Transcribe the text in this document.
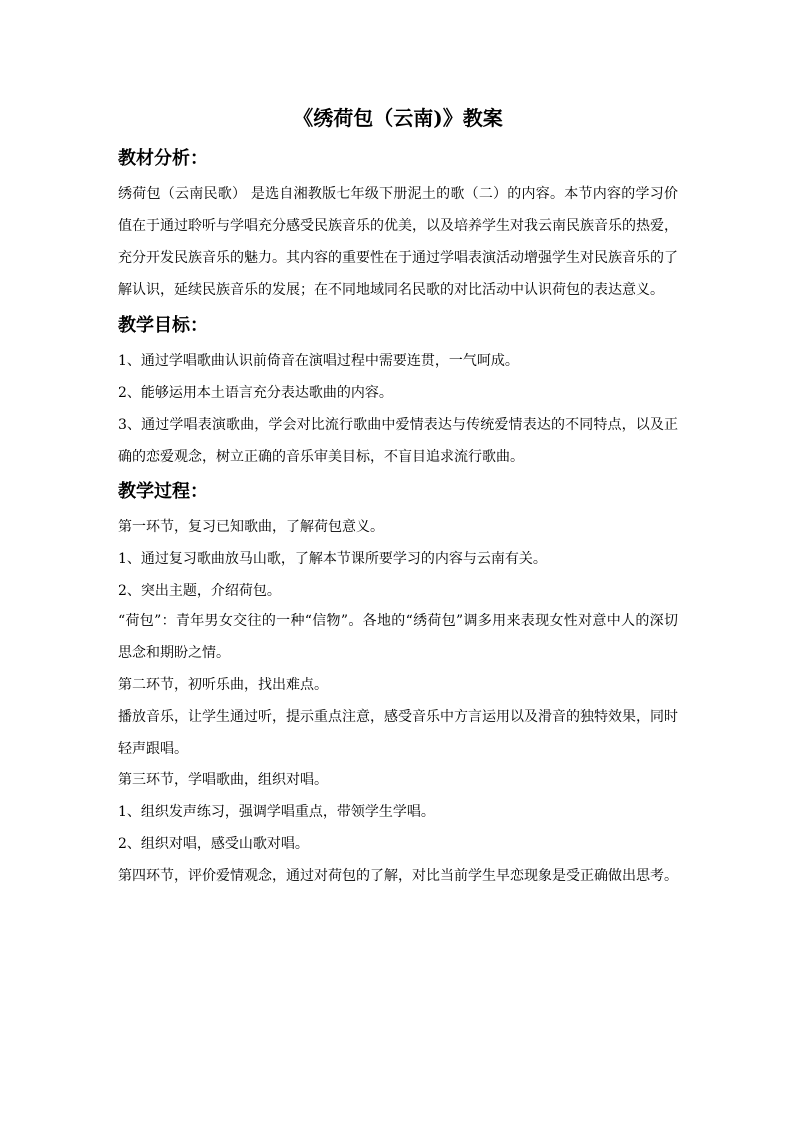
《绣荷包（云南)》教案
教材分析：
绣荷包（云南民歌） 是选自湘教版七年级下册泥土的歌（二）的内容。本节内容的学习价值在于通过聆听与学唱充分感受民族音乐的优美，以及培养学生对我云南民族音乐的热爱，充分开发民族音乐的魅力。其内容的重要性在于通过学唱表演活动增强学生对民族音乐的了解认识，延续民族音乐的发展；在不同地域同名民歌的对比活动中认识荷包的表达意义。
教学目标：
1、通过学唱歌曲认识前倚音在演唱过程中需要连贯，一气呵成。
2、能够运用本土语言充分表达歌曲的内容。
3、通过学唱表演歌曲，学会对比流行歌曲中爱情表达与传统爱情表达的不同特点，以及正确的恋爱观念，树立正确的音乐审美目标，不盲目追求流行歌曲。
教学过程：
第一环节，复习已知歌曲，了解荷包意义。
1、通过复习歌曲放马山歌，了解本节课所要学习的内容与云南有关。
2、突出主题，介绍荷包。
“荷包”：青年男女交往的一种“信物”。各地的“绣荷包”调多用来表现女性对意中人的深切思念和期盼之情。
第二环节，初听乐曲，找出难点。
播放音乐，让学生通过听，提示重点注意，感受音乐中方言运用以及滑音的独特效果，同时轻声跟唱。
第三环节，学唱歌曲，组织对唱。
1、组织发声练习，强调学唱重点，带领学生学唱。
2、组织对唱，感受山歌对唱。
第四环节，评价爱情观念，通过对荷包的了解，对比当前学生早恋现象是受正确做出思考。
